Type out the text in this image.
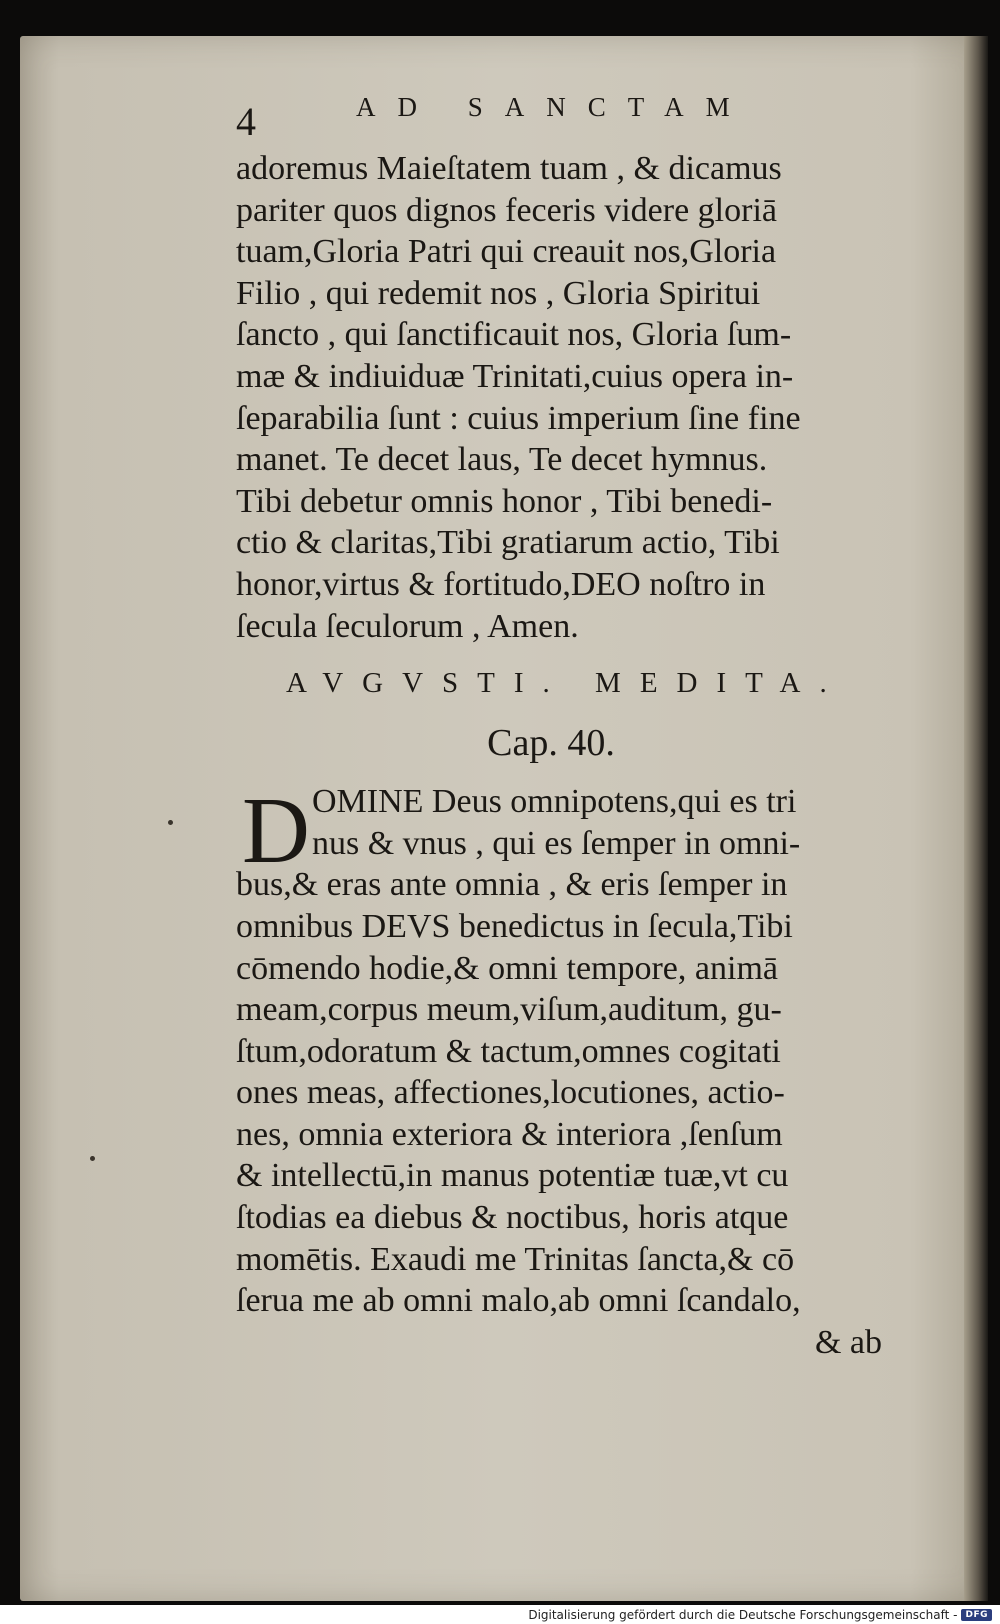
4	AD SANCTAM
adoremus Maieſtatem tuam , & dicamus
pariter quos dignos feceris videre gloriā
tuam,Gloria Patri qui creauit nos,Gloria
Filio , qui redemit nos , Gloria Spiritui
ſancto , qui ſanctificauit nos, Gloria ſum-
mæ & indiuiduæ Trinitati,cuius opera in-
ſeparabilia ſunt : cuius imperium ſine fine
manet. Te decet laus, Te decet hymnus.
Tibi debetur omnis honor , Tibi benedi-
ctio & claritas,Tibi gratiarum actio, Tibi
honor,virtus & fortitudo,DEO noſtro in
ſecula ſeculorum , Amen.
AVGVSTI. MEDITA.
Cap. 40.
D OMINE Deus omnipotens,qui es tri
nus & vnus , qui es ſemper in omni-
bus,& eras ante omnia , & eris ſemper in
omnibus DEVS benedictus in ſecula,Tibi
cōmendo hodie,& omni tempore, animā
meam,corpus meum,viſum,auditum, gu-
ſtum,odoratum & tactum,omnes cogitati
ones meas, affectiones,locutiones, actio-
nes, omnia exteriora & interiora ,ſenſum
& intellectū,in manus potentiæ tuæ,vt cu
ſtodias ea diebus & noctibus, horis atque
momētis. Exaudi me Trinitas ſancta,& cō
ſerua me ab omni malo,ab omni ſcandalo,
& ab
Digitalisierung gefördert durch die Deutsche Forschungsgemeinschaft - DFG
